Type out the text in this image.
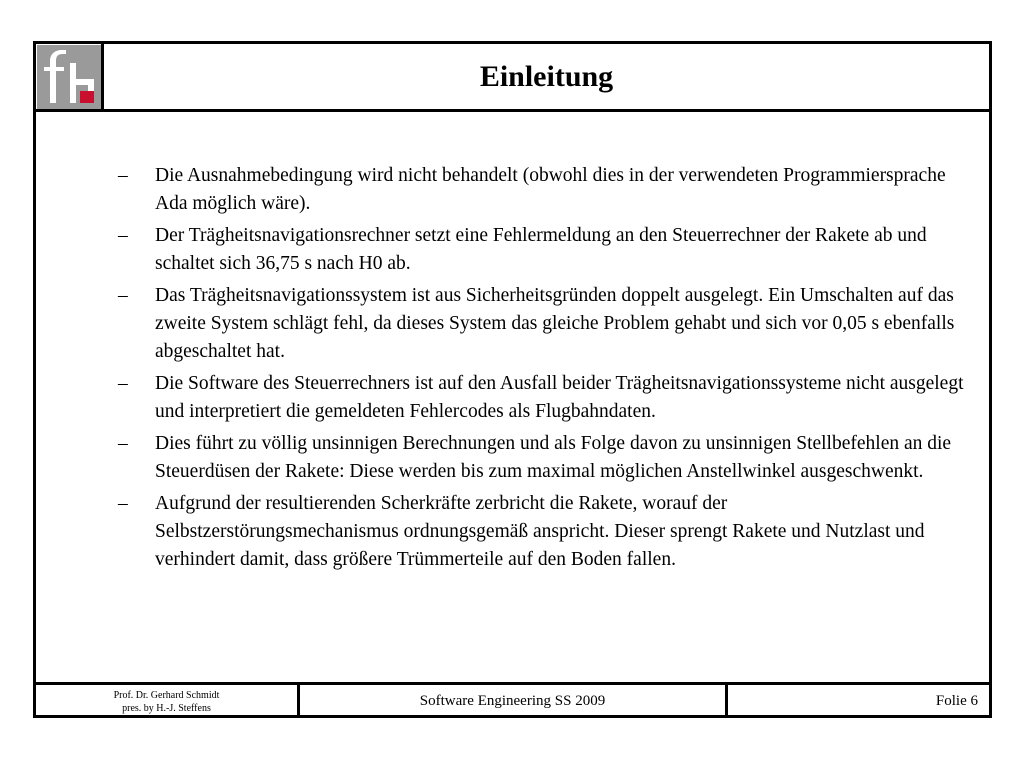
Einleitung
– Die Ausnahmebedingung wird nicht behandelt (obwohl dies in der verwendeten Programmiersprache Ada möglich wäre).
– Der Trägheitsnavigationsrechner setzt eine Fehlermeldung an den Steuerrechner der Rakete ab und schaltet sich 36,75 s nach H0 ab.
– Das Trägheitsnavigationssystem ist aus Sicherheitsgründen doppelt ausgelegt. Ein Umschalten auf das zweite System schlägt fehl, da dieses System das gleiche Problem gehabt und sich vor 0,05 s ebenfalls abgeschaltet hat.
– Die Software des Steuerrechners ist auf den Ausfall beider Trägheitsnavigationssysteme nicht ausgelegt und interpretiert die gemeldeten Fehlercodes als Flugbahndaten.
– Dies führt zu völlig unsinnigen Berechnungen und als Folge davon zu unsinnigen Stellbefehlen an die Steuerdüsen der Rakete: Diese werden bis zum maximal möglichen Anstellwinkel ausgeschwenkt.
– Aufgrund der resultierenden Scherkräfte zerbricht die Rakete, worauf der Selbstzerstörungsmechanismus ordnungsgemäß anspricht. Dieser sprengt Rakete und Nutzlast und verhindert damit, dass größere Trümmerteile auf den Boden fallen.
Prof. Dr. Gerhard Schmidt
pres. by H.-J. Steffens	Software Engineering SS 2009	Folie 6
